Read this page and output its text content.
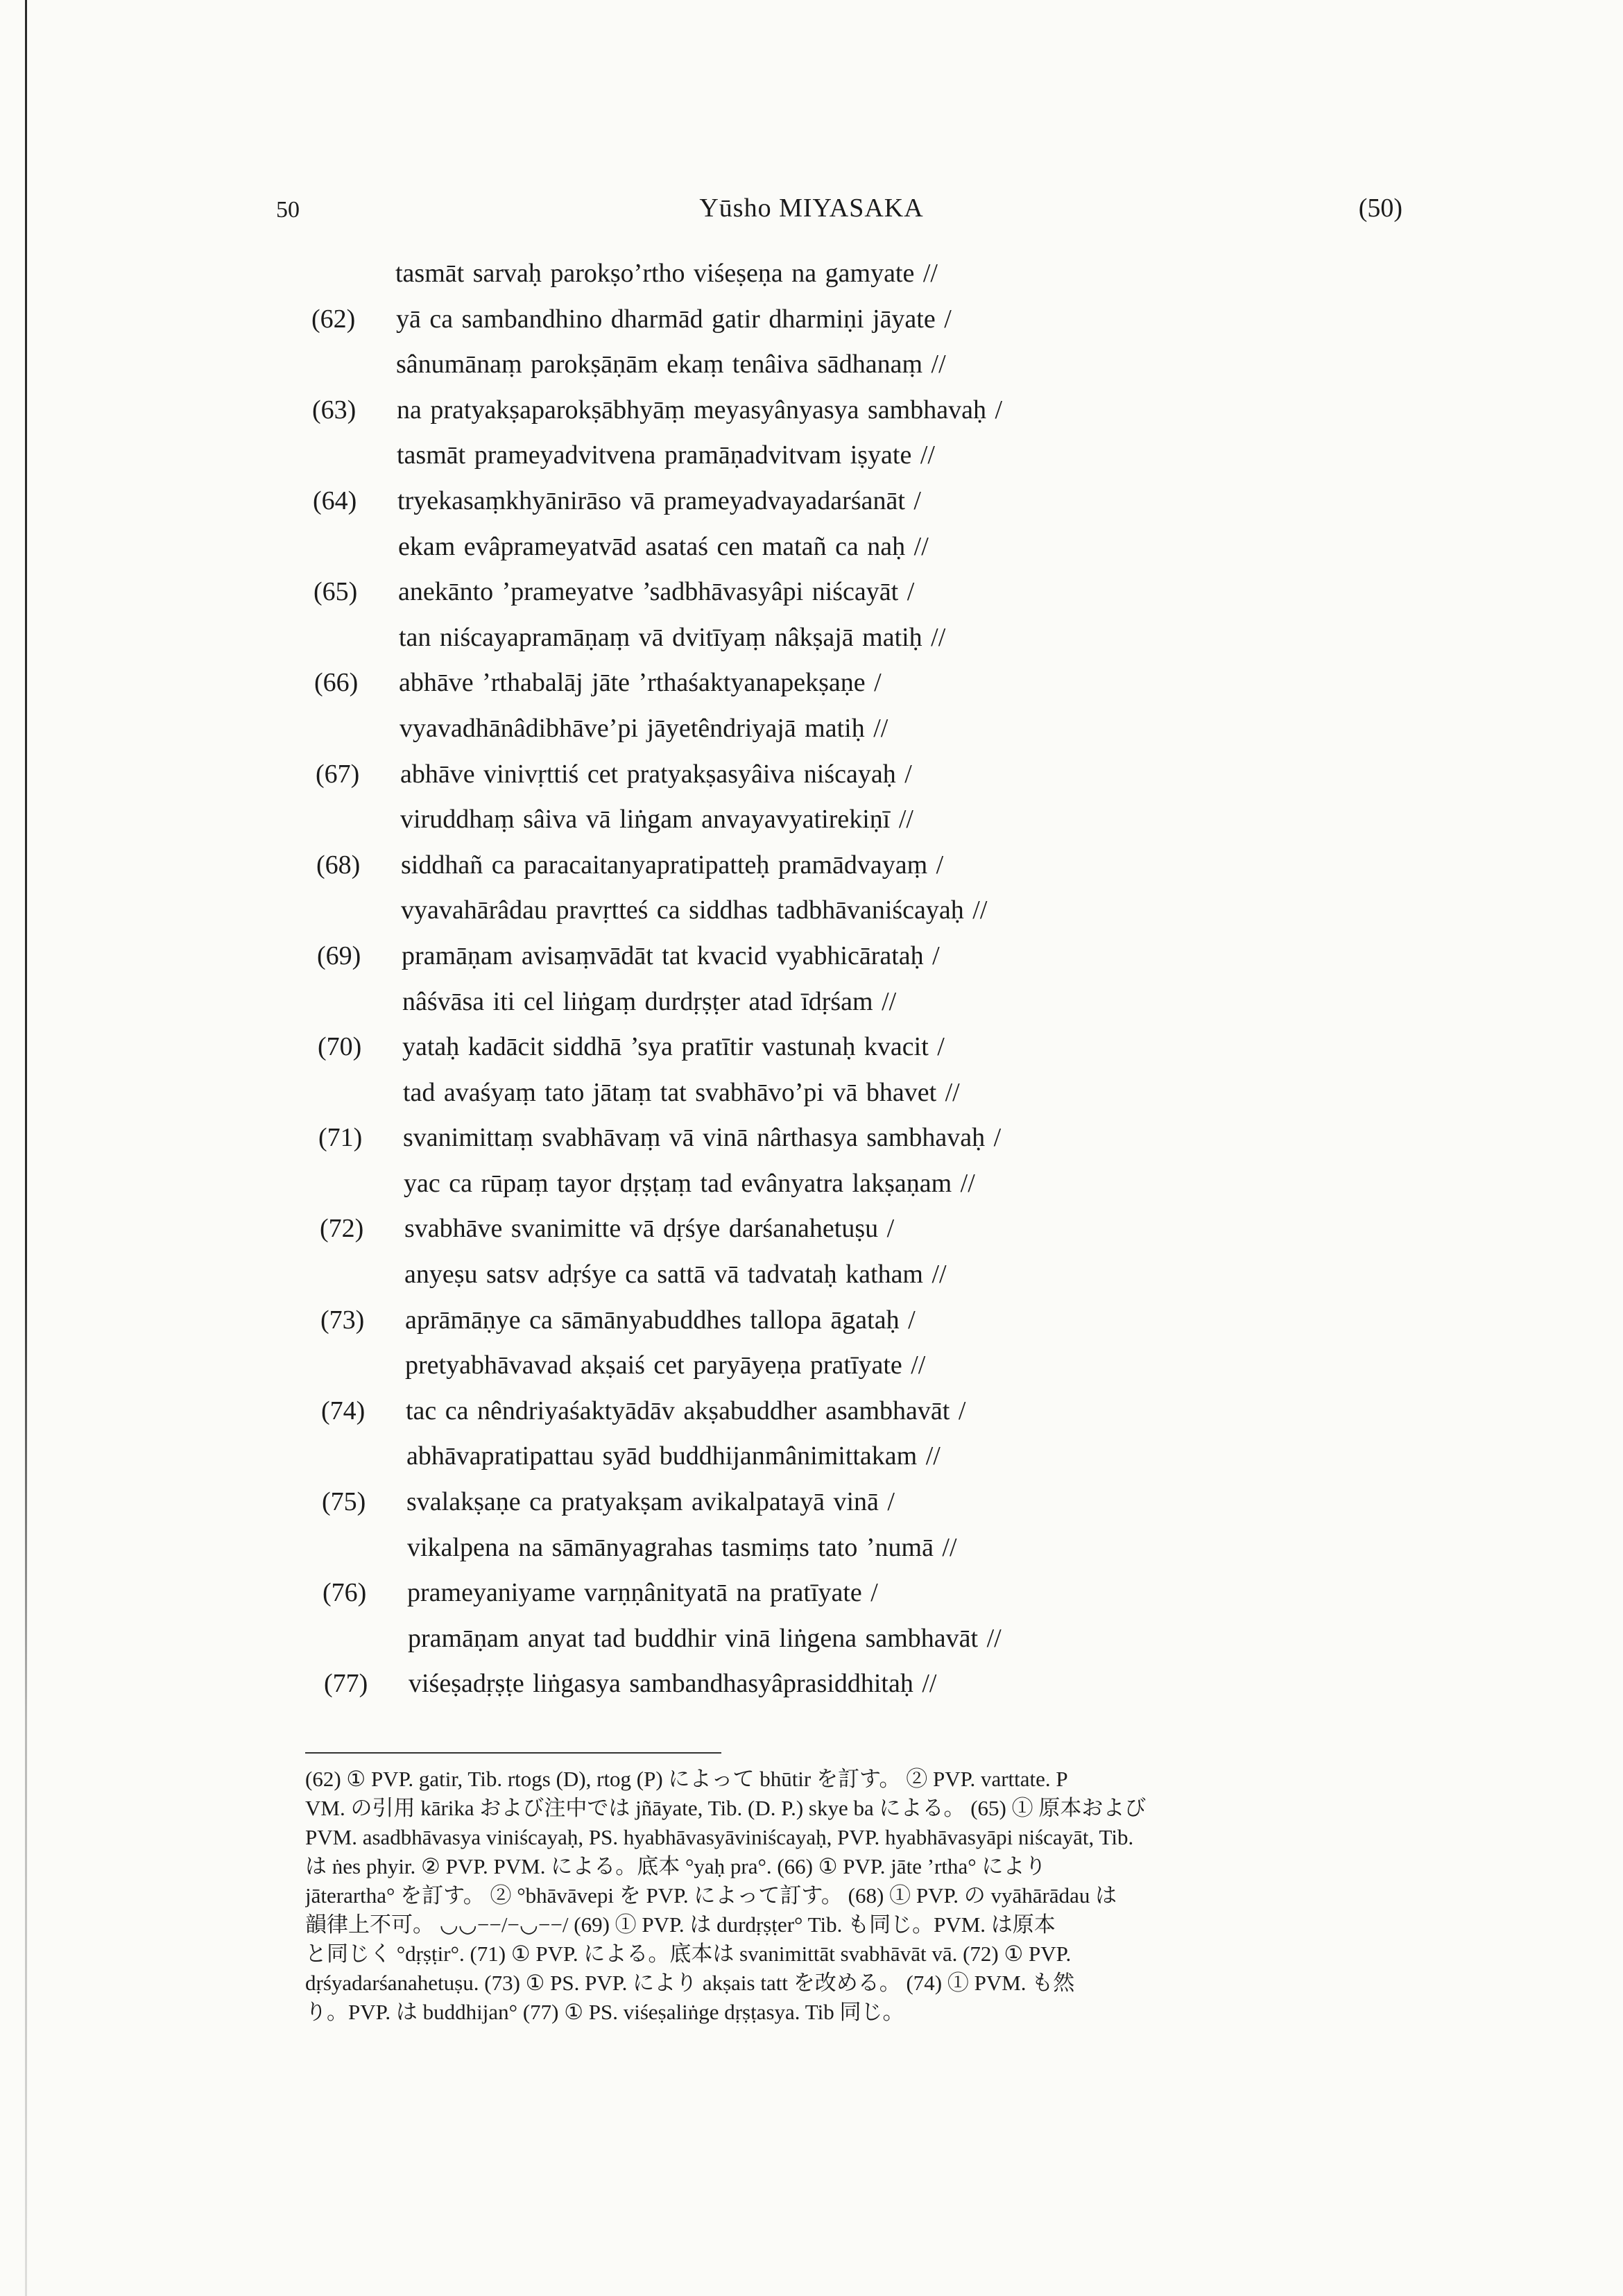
50	Yūsho MIYASAKA	(50)
tasmāt sarvaḥ parokṣo’rtho viśeṣeṇa na gamyate //
(62)	yā ca sambandhino dharmād gatir dharmiṇi jāyate /
sânumānaṃ parokṣāṇām ekaṃ tenâiva sādhanaṃ //
(63)	na pratyakṣaparokṣābhyāṃ meyasyânyasya sambhavaḥ /
tasmāt prameyadvitvena pramāṇadvitvam iṣyate //
(64)	tryekasaṃkhyānirāso vā prameyadvayadarśanāt /
ekam evâprameyatvād asataś cen matañ ca naḥ //
(65)	anekānto ’prameyatve ’sadbhāvasyâpi niścayāt /
tan niścayapramāṇaṃ vā dvitīyaṃ nâkṣajā matiḥ //
(66)	abhāve ’rthabalāj jāte ’rthaśaktyanapekṣaṇe /
vyavadhānâdibhāve’pi jāyetêndriyajā matiḥ //
(67)	abhāve vinivṛttiś cet pratyakṣasyâiva niścayaḥ /
viruddhaṃ sâiva vā liṅgam anvayavyatirekiṇī //
(68)	siddhañ ca paracaitanyapratipatteḥ pramādvayaṃ /
vyavahārâdau pravṛtteś ca siddhas tadbhāvaniścayaḥ //
(69)	pramāṇam avisaṃvādāt tat kvacid vyabhicārataḥ /
nâśvāsa iti cel liṅgaṃ durdṛṣṭer atad īdṛśam //
(70)	yataḥ kadācit siddhā ’sya pratītir vastunaḥ kvacit /
tad avaśyaṃ tato jātaṃ tat svabhāvo’pi vā bhavet //
(71)	svanimittaṃ svabhāvaṃ vā vinā nârthasya sambhavaḥ /
yac ca rūpaṃ tayor dṛṣṭaṃ tad evânyatra lakṣaṇam //
(72)	svabhāve svanimitte vā dṛśye darśanahetuṣu /
anyeṣu satsv adṛśye ca sattā vā tadvataḥ katham //
(73)	aprāmāṇye ca sāmānyabuddhes tallopa āgataḥ /
pretyabhāvavad akṣaiś cet paryāyeṇa pratīyate //
(74)	tac ca nêndriyaśaktyādāv akṣabuddher asambhavāt /
abhāvapratipattau syād buddhijanmânimittakam //
(75)	svalakṣaṇe ca pratyakṣam avikalpatayā vinā /
vikalpena na sāmānyagrahas tasmiṃs tato ’numā //
(76)	prameyaniyame varṇṇânityatā na pratīyate /
pramāṇam anyat tad buddhir vinā liṅgena sambhavāt //
(77)	viśeṣadṛṣṭe liṅgasya sambandhasyâprasiddhitaḥ //
(62) ① PVP. gatir, Tib. rtogs (D), rtog (P) によって bhūtir を訂す。 ② PVP. varttate. P
VM. の引用 kārika および注中では jñāyate, Tib. (D. P.) skye ba による。 (65) ① 原本および
PVM. asadbhāvasya viniścayaḥ, PS. hyabhāvasyāviniścayaḥ, PVP. hyabhāvasyāpi niścayāt, Tib.
は ṅes phyir. ② PVP. PVM. による。底本 °yaḥ pra°. (66) ① PVP. jāte ’rtha° により
jāterartha° を訂す。 ② °bhāvāvepi を PVP. によって訂す。 (68) ① PVP. の vyāhārādau は
韻律上不可。 ◡◡−−/−◡−−/ (69) ① PVP. は durdṛṣṭer° Tib. も同じ。PVM. は原本
と同じく °dṛṣṭir°. (71) ① PVP. による。底本は svanimittāt svabhāvāt vā. (72) ① PVP.
dṛśyadarśanahetuṣu. (73) ① PS. PVP. により akṣais tatt を改める。 (74) ① PVM. も然
り。PVP. は buddhijan° (77) ① PS. viśeṣaliṅge dṛṣṭasya. Tib 同じ。
